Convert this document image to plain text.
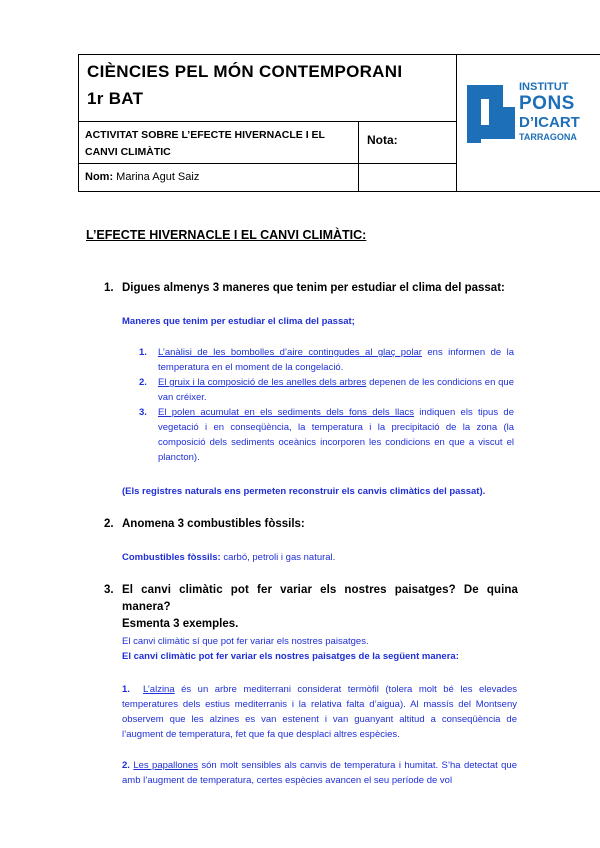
CIÈNCIES PEL MÓN CONTEMPORANI
1r BAT
ACTIVITAT SOBRE L’EFECTE HIVERNACLE I EL CANVI CLIMÀTIC
Nota:
Nom: Marina Agut Saiz
INSTITUT
PONS
D’ICART
TARRAGONA
L’EFECTE HIVERNACLE I EL CANVI CLIMÀTIC:
1. Digues almenys 3 maneres que tenim per estudiar el clima del passat:
Maneres que tenim per estudiar el clima del passat;
1. L’anàlisi de les bombolles d’aire contingudes al glaç polar ens informen de la temperatura en el moment de la congelació.
2. El gruix i la composició de les anelles dels arbres depenen de les condicions en que van créixer.
3. El polen acumulat en els sediments dels fons dels llacs indiquen els tipus de vegetació i en conseqüència, la temperatura i la precipitació de la zona (la composició dels sediments oceànics incorporen les condicions en que a viscut el plancton).
(Els registres naturals ens permeten reconstruir els canvis climàtics del passat).
2. Anomena 3 combustibles fòssils:
Combustibles fòssils: carbó, petroli i gas natural.
3. El canvi climàtic pot fer variar els nostres paisatges? De quina manera?
Esmenta 3 exemples.
El canvi climàtic sí que pot fer variar els nostres paisatges.
El canvi climàtic pot fer variar els nostres paisatges de la següent manera:
1. L’alzina és un arbre mediterrani considerat termòfil (tolera molt bé les elevades temperatures dels estius mediterranis i la relativa falta d’aigua). Al massís del Montseny observem que les alzines es van estenent i van guanyant altitud a conseqüència de l’augment de temperatura, fet que fa que desplaci altres espècies.
2. Les papallones són molt sensibles als canvis de temperatura i humitat. S’ha detectat que amb l’augment de temperatura, certes espècies avancen el seu període de vol
